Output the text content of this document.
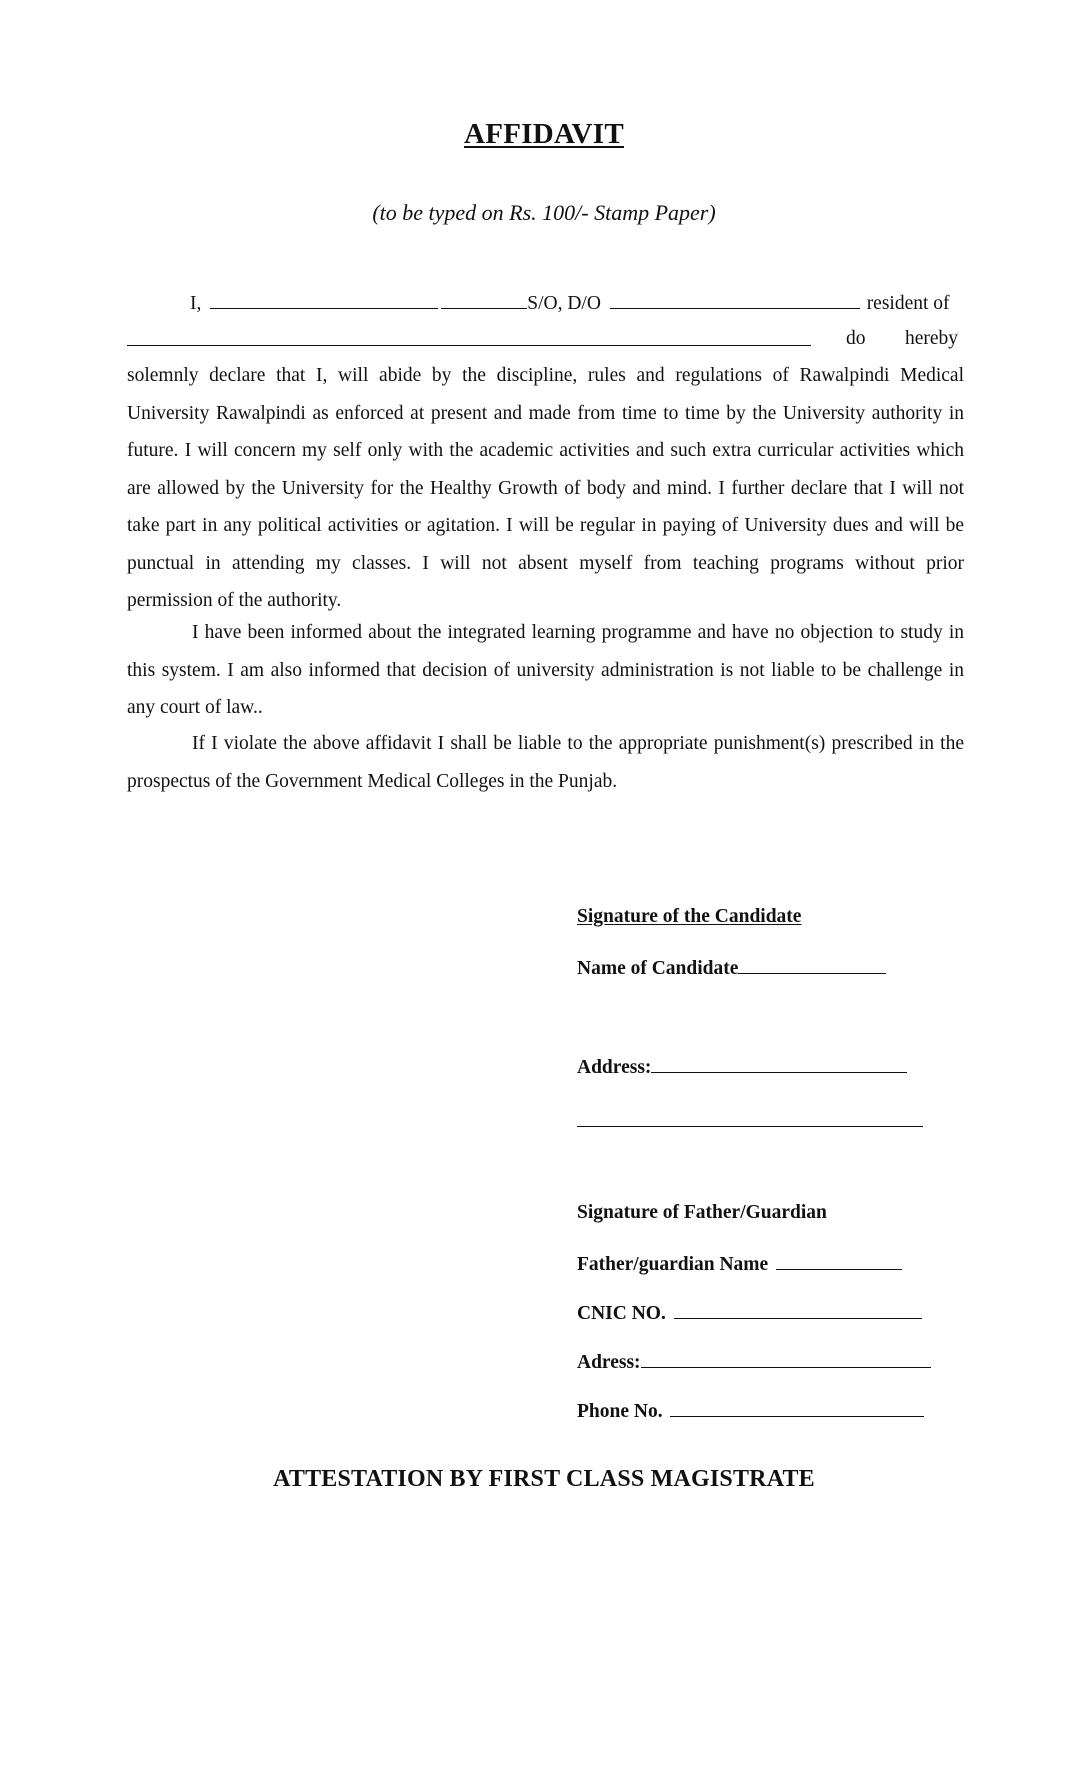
AFFIDAVIT
(to be typed on Rs. 100/- Stamp Paper)
I,	S/O, D/O	resident of
do hereby
solemnly declare that I, will abide by the discipline, rules and regulations of Rawalpindi Medical University Rawalpindi as enforced at present and made from time to time by the University authority in future. I will concern my self only with the academic activities and such extra curricular activities which are allowed by the University for the Healthy Growth of body and mind. I further declare that I will not take part in any political activities or agitation. I will be regular in paying of University dues and will be punctual in attending my classes. I will not absent myself from teaching programs without prior permission of the authority.
I have been informed about the integrated learning programme and have no objection to study in this system. I am also informed that decision of university administration is not liable to be challenge in any court of law..
If I violate the above affidavit I shall be liable to the appropriate punishment(s) prescribed in the prospectus of the Government Medical Colleges in the Punjab.
Signature of the Candidate
Name of Candidate
Address:
Signature of Father/Guardian
Father/guardian Name
CNIC NO.
Adress:
Phone No.
ATTESTATION BY FIRST CLASS MAGISTRATE
